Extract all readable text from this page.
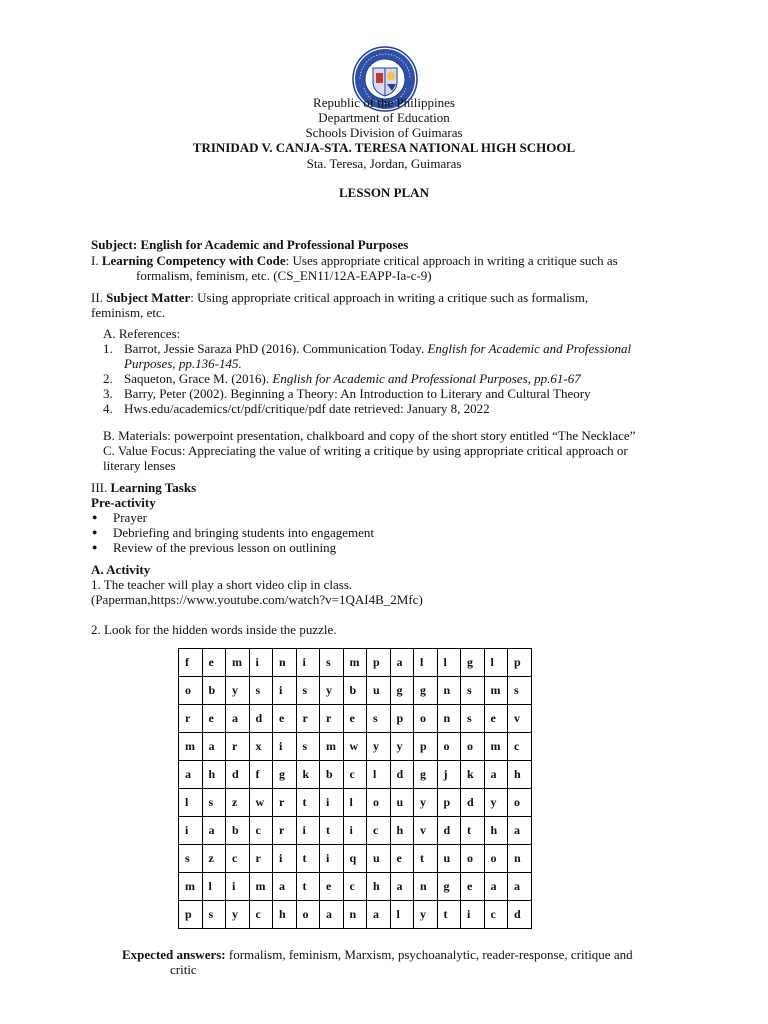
Republic of the Philippines
Department of Education
Schools Division of Guimaras
TRINIDAD V. CANJA-STA. TERESA NATIONAL HIGH SCHOOL
Sta. Teresa, Jordan, Guimaras
LESSON PLAN
Subject: English for Academic and Professional Purposes
I. Learning Competency with Code: Uses appropriate critical approach in writing a critique such as
formalism, feminism, etc. (CS_EN11/12A-EAPP-Ia-c-9)
II. Subject Matter: Using appropriate critical approach in writing a critique such as formalism,
feminism, etc.
A. References:
1. Barrot, Jessie Saraza PhD (2016). Communication Today. English for Academic and Professional
Purposes, pp.136-145.
2. Saqueton, Grace M. (2016). English for Academic and Professional Purposes, pp.61-67
3. Barry, Peter (2002). Beginning a Theory: An Introduction to Literary and Cultural Theory
4. Hws.edu/academics/ct/pdf/critique/pdf date retrieved: January 8, 2022
B. Materials: powerpoint presentation, chalkboard and copy of the short story entitled “The Necklace”
C. Value Focus: Appreciating the value of writing a critique by using appropriate critical approach or
literary lenses
III. Learning Tasks
Pre-activity
● Prayer
● Debriefing and bringing students into engagement
● Review of the previous lesson on outlining
A. Activity
1. The teacher will play a short video clip in class.
(Paperman,https://www.youtube.com/watch?v=1QAI4B_2Mfc)
2. Look for the hidden words inside the puzzle.
f	e	m	i	n	i	s	m	p	a	l	l	g	l	p
o	b	y	s	i	s	y	b	u	g	g	n	s	m	s
r	e	a	d	e	r	r	e	s	p	o	n	s	e	v
m	a	r	x	i	s	m	w	y	y	p	o	o	m	c
a	h	d	f	g	k	b	c	l	d	g	j	k	a	h
l	s	z	w	r	t	i	l	o	u	y	p	d	y	o
i	a	b	c	r	i	t	i	c	h	v	d	t	h	a
s	z	c	r	i	t	i	q	u	e	t	u	o	o	n
m	l	i	m	a	t	e	c	h	a	n	g	e	a	a
p	s	y	c	h	o	a	n	a	l	y	t	i	c	d
Expected answers: formalism, feminism, Marxism, psychoanalytic, reader-response, critique and
critic
